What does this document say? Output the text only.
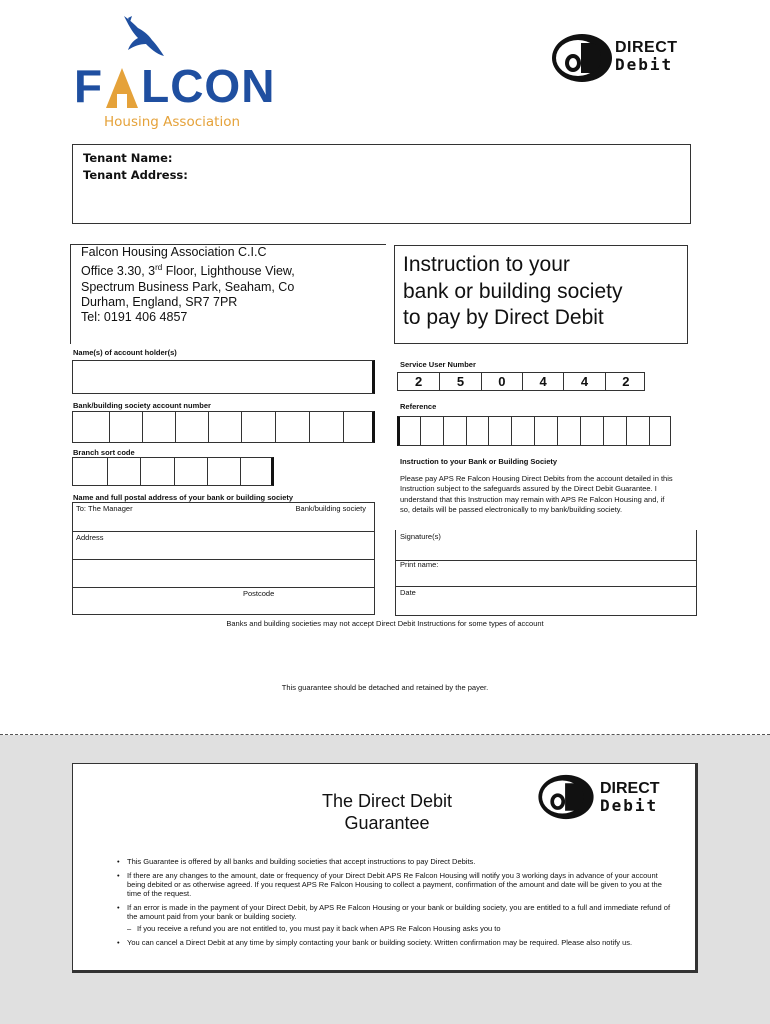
F LCON
Housing Association
DIRECT
Debit
Tenant Name:
Tenant Address:
Falcon Housing Association C.I.C
Office 3.30, 3rd Floor, Lighthouse View,
Spectrum Business Park, Seaham, Co
Durham, England, SR7 7PR
Tel: 0191 406 4857
Instruction to your
bank or building society
to pay by Direct Debit
Name(s) of account holder(s)
Bank/building society account number
Branch sort code
Name and full postal address of your bank or building society
To: The Manager	Bank/building society
Address
Postcode
Service User Number
2	5	0	4	4	2
Reference
Instruction to your Bank or Building Society
Please pay APS Re Falcon Housing Direct Debits from the account detailed in this Instruction subject to the safeguards assured by the Direct Debit Guarantee. I understand that this Instruction may remain with APS Re Falcon Housing and, if so, details will be passed electronically to my bank/building society.
Signature(s)
Print name:
Date
Banks and building societies may not accept Direct Debit Instructions for some types of account
This guarantee should be detached and retained by the payer.
The Direct Debit
Guarantee
DIRECT
Debit
• This Guarantee is offered by all banks and building societies that accept instructions to pay Direct Debits.
• If there are any changes to the amount, date or frequency of your Direct Debit APS Re Falcon Housing will notify you 3 working days in advance of your account being debited or as otherwise agreed. If you request APS Re Falcon Housing to collect a payment, confirmation of the amount and date will be given to you at the time of the request.
• If an error is made in the payment of your Direct Debit, by APS Re Falcon Housing or your bank or building society, you are entitled to a full and immediate refund of the amount paid from your bank or building society.
– If you receive a refund you are not entitled to, you must pay it back when APS Re Falcon Housing asks you to
• You can cancel a Direct Debit at any time by simply contacting your bank or building society. Written confirmation may be required. Please also notify us.
